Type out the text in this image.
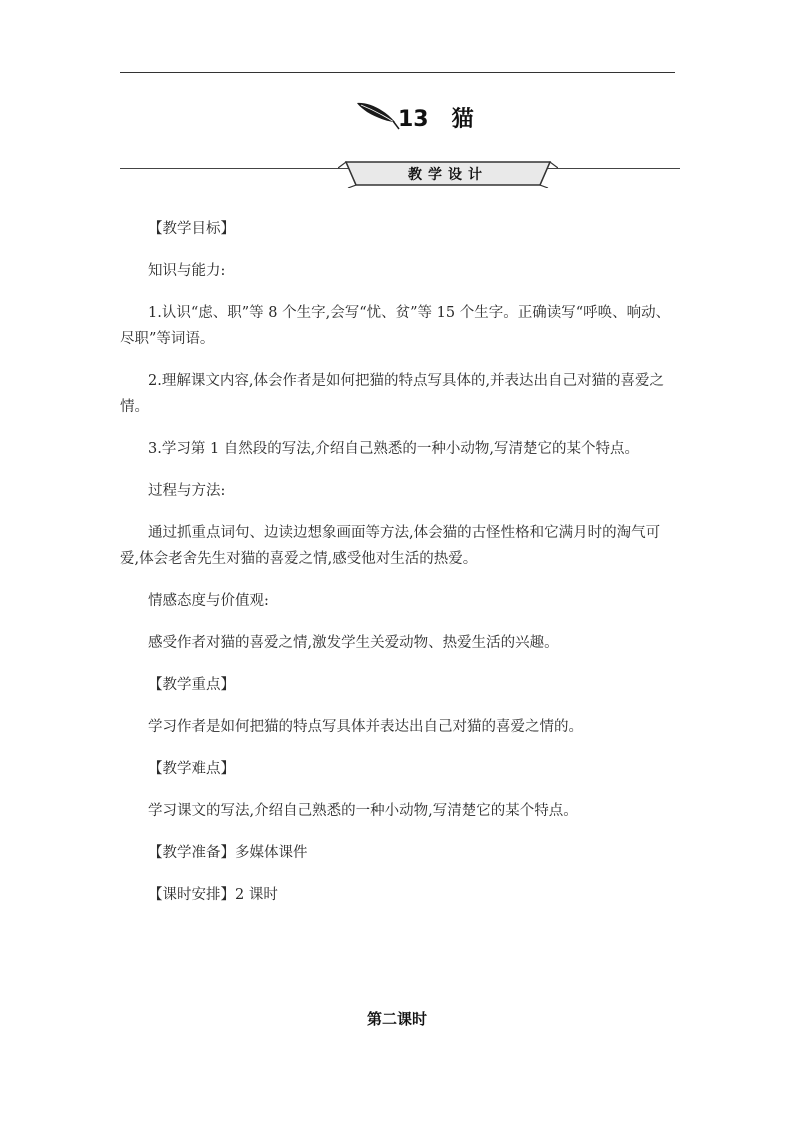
13   猫
教学设计

【教学目标】

知识与能力:

1.认识“虑、职”等 8 个生字,会写“忧、贫”等 15 个生字。正确读写“呼唤、响动、尽职”等词语。

2.理解课文内容,体会作者是如何把猫的特点写具体的,并表达出自己对猫的喜爱之情。

3.学习第 1 自然段的写法,介绍自己熟悉的一种小动物,写清楚它的某个特点。

过程与方法:

通过抓重点词句、边读边想象画面等方法,体会猫的古怪性格和它满月时的淘气可爱,体会老舍先生对猫的喜爱之情,感受他对生活的热爱。

情感态度与价值观:

感受作者对猫的喜爱之情,激发学生关爱动物、热爱生活的兴趣。

【教学重点】

学习作者是如何把猫的特点写具体并表达出自己对猫的喜爱之情的。

【教学难点】

学习课文的写法,介绍自己熟悉的一种小动物,写清楚它的某个特点。

【教学准备】多媒体课件

【课时安排】2 课时

第二课时
